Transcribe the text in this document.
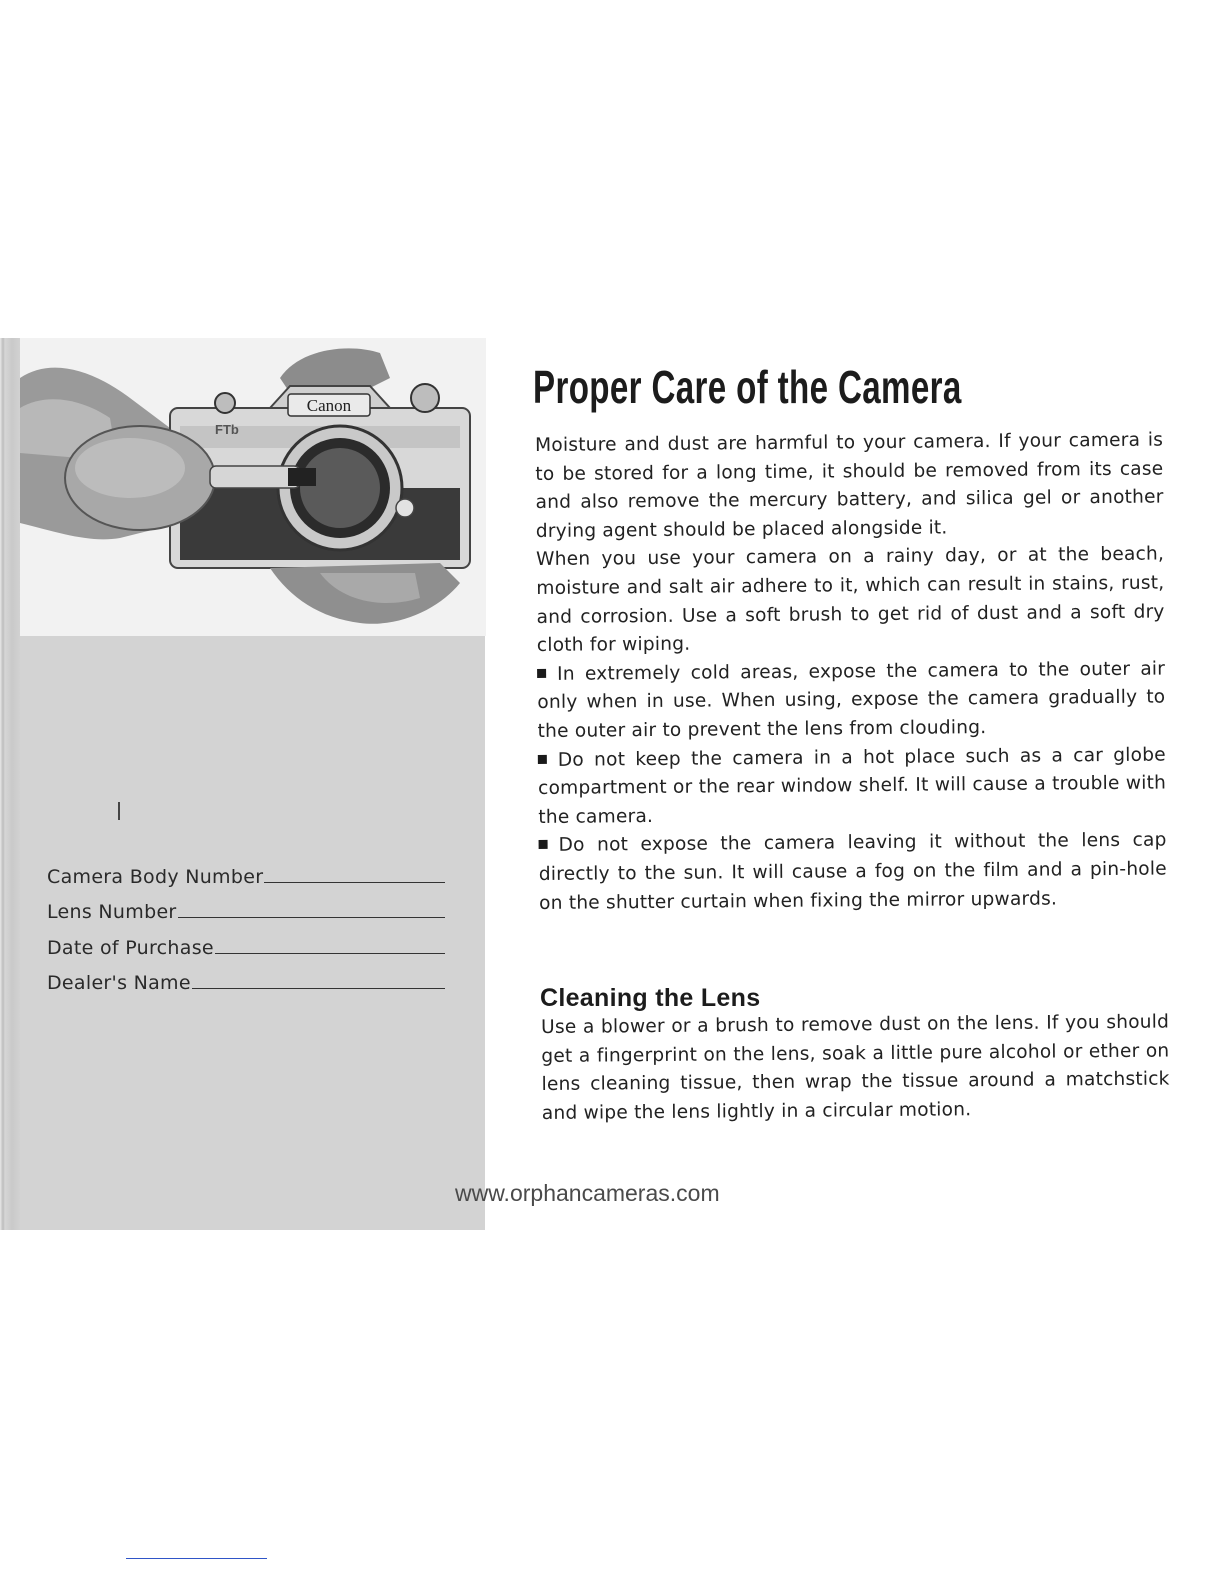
Canon
FTb
Camera Body Number
Lens Number
Date of Purchase
Dealer's Name
Proper Care of the Camera

Moisture and dust are harmful to your camera. If your camera is to be stored for a long time, it should be removed from its case and also remove the mercury battery, and silica gel or another drying agent should be placed alongside it.

When you use your camera on a rainy day, or at the beach, moisture and salt air adhere to it, which can result in stains, rust, and corrosion. Use a soft brush to get rid of dust and a soft dry cloth for wiping.

In extremely cold areas, expose the camera to the outer air only when in use. When using, expose the camera gradually to the outer air to prevent the lens from clouding.

Do not keep the camera in a hot place such as a car globe compartment or the rear window shelf. It will cause a trouble with the camera.

Do not expose the camera leaving it without the lens cap directly to the sun. It will cause a fog on the film and a pin-hole on the shutter curtain when fixing the mirror upwards.

Cleaning the Lens

Use a blower or a brush to remove dust on the lens. If you should get a fingerprint on the lens, soak a little pure alcohol or ether on lens cleaning tissue, then wrap the tissue around a matchstick and wipe the lens lightly in a circular motion.

www.orphancameras.com
